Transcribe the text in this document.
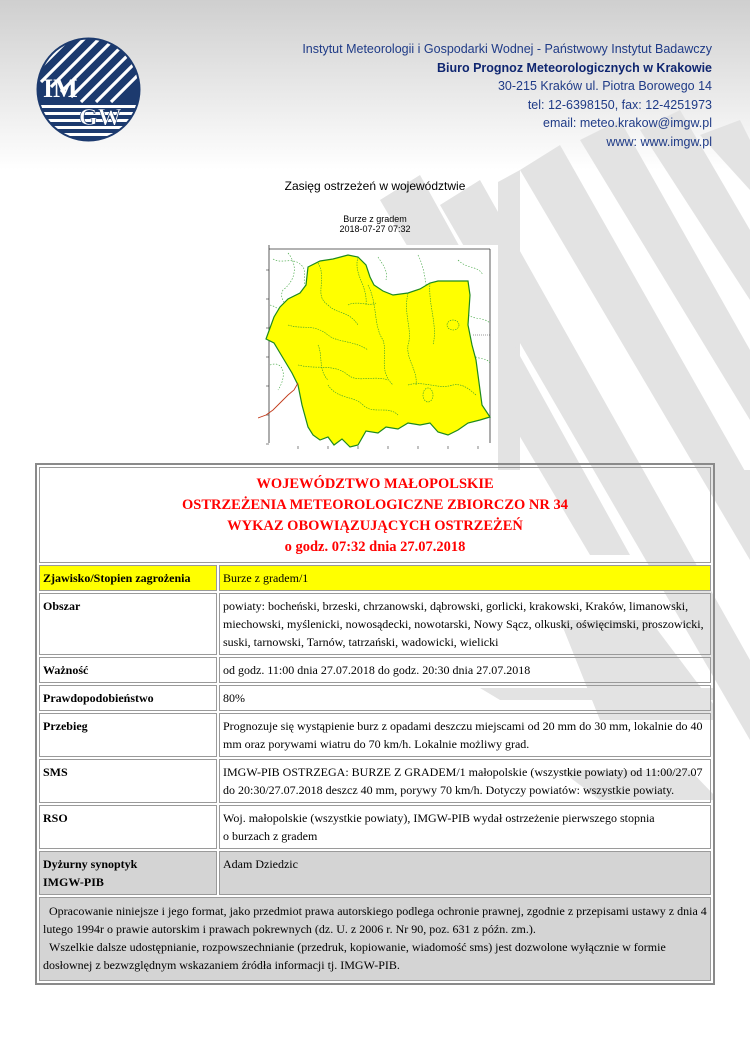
IM
GW
Instytut Meteorologii i Gospodarki Wodnej - Państwowy Instytut Badawczy
Biuro Prognoz Meteorologicznych w Krakowie
30-215 Kraków ul. Piotra Borowego 14
tel: 12-6398150, fax: 12-4251973
email: meteo.krakow@imgw.pl
www: www.imgw.pl
Zasięg ostrzeżeń w województwie
Burze z gradem
2018-07-27 07:32
WOJEWÓDZTWO MAŁOPOLSKIE
OSTRZEŻENIA METEOROLOGICZNE ZBIORCZO NR 34
WYKAZ OBOWIĄZUJĄCYCH OSTRZEŻEŃ
o godz. 07:32 dnia 27.07.2018	

Zjawisko/Stopien zagrożenia	Burze z gradem/1
Obszar	powiaty: bocheński, brzeski, chrzanowski, dąbrowski, gorlicki, krakowski, Kraków, limanowski, miechowski, myślenicki, nowosądecki, nowotarski, Nowy Sącz, olkuski, oświęcimski, proszowicki, suski, tarnowski, Tarnów, tatrzański, wadowicki, wielicki
Ważność	od godz. 11:00 dnia 27.07.2018 do godz. 20:30 dnia 27.07.2018
Prawdopodobieństwo	80%
Przebieg	Prognozuje się wystąpienie burz z opadami deszczu miejscami od 20 mm do 30 mm, lokalnie do 40 mm oraz porywami wiatru do 70 km/h. Lokalnie możliwy grad.
SMS	IMGW-PIB OSTRZEGA: BURZE Z GRADEM/1 małopolskie (wszystkie powiaty) od 11:00/27.07 do 20:30/27.07.2018 deszcz 40 mm, porywy 70 km/h. Dotyczy powiatów: wszystkie powiaty.
RSO	Woj. małopolskie (wszystkie powiaty), IMGW-PIB wydał ostrzeżenie pierwszego stopnia
o burzach z gradem

Dyżurny synoptyk
IMGW-PIB	Adam Dziedzic

Opracowanie niniejsze i jego format, jako przedmiot prawa autorskiego podlega ochronie prawnej, zgodnie z przepisami ustawy z dnia 4 lutego 1994r o prawie autorskim i prawach pokrewnych (dz. U. z 2006 r. Nr 90, poz. 631 z późn. zm.).

Wszelkie dalsze udostępnianie, rozpowszechnianie (przedruk, kopiowanie, wiadomość sms) jest dozwolone wyłącznie w formie dosłownej z bezwzględnym wskazaniem źródła informacji tj. IMGW-PIB.	
